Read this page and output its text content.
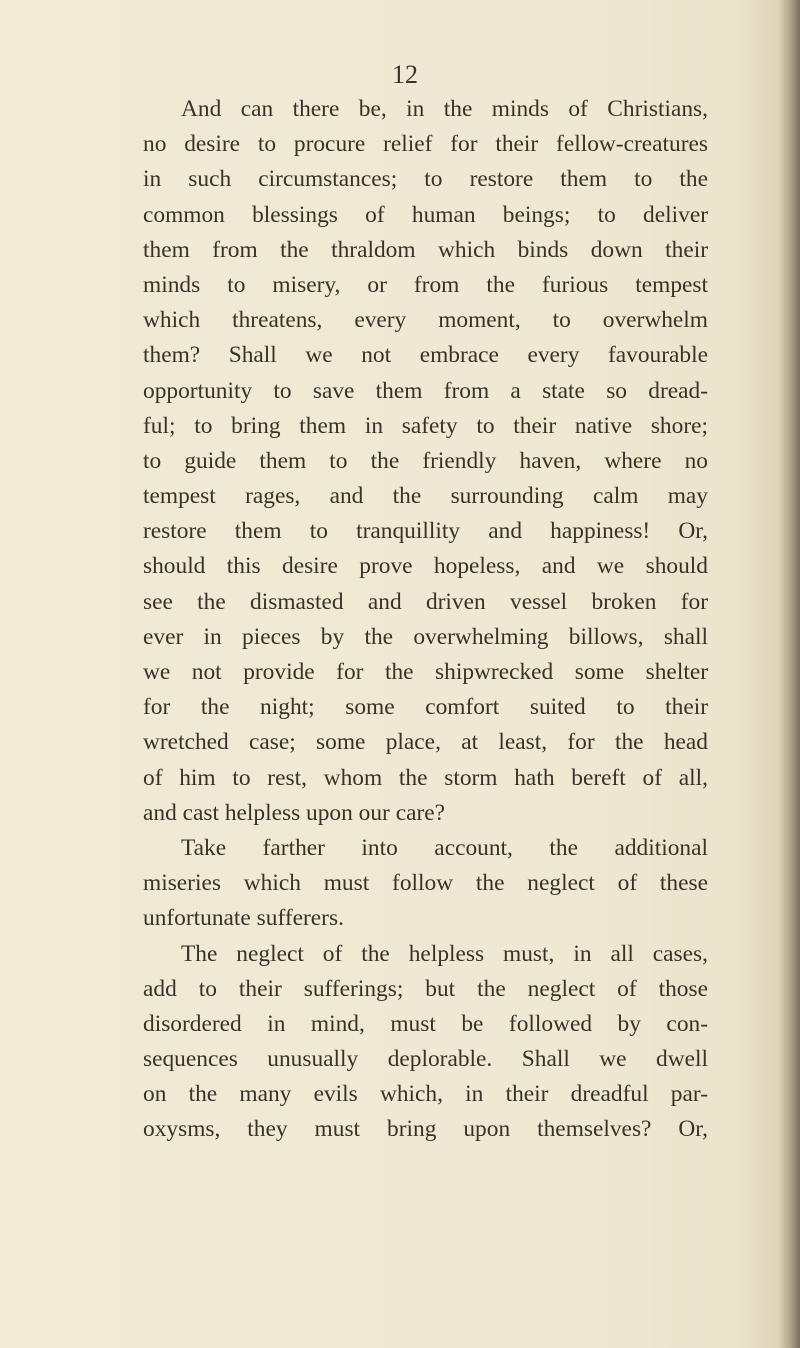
12

And can there be, in the minds of Christians,
no desire to procure relief for their fellow-creatures
in such circumstances; to restore them to the
common blessings of human beings; to deliver
them from the thraldom which binds down their
minds to misery, or from the furious tempest
which threatens, every moment, to overwhelm
them? Shall we not embrace every favourable
opportunity to save them from a state so dread-
ful; to bring them in safety to their native shore;
to guide them to the friendly haven, where no
tempest rages, and the surrounding calm may
restore them to tranquillity and happiness! Or,
should this desire prove hopeless, and we should
see the dismasted and driven vessel broken for
ever in pieces by the overwhelming billows, shall
we not provide for the shipwrecked some shelter
for the night; some comfort suited to their
wretched case; some place, at least, for the head
of him to rest, whom the storm hath bereft of all,
and cast helpless upon our care?
Take farther into account, the additional
miseries which must follow the neglect of these
unfortunate sufferers.
The neglect of the helpless must, in all cases,
add to their sufferings; but the neglect of those
disordered in mind, must be followed by con-
sequences unusually deplorable. Shall we dwell
on the many evils which, in their dreadful par-
oxysms, they must bring upon themselves? Or,
